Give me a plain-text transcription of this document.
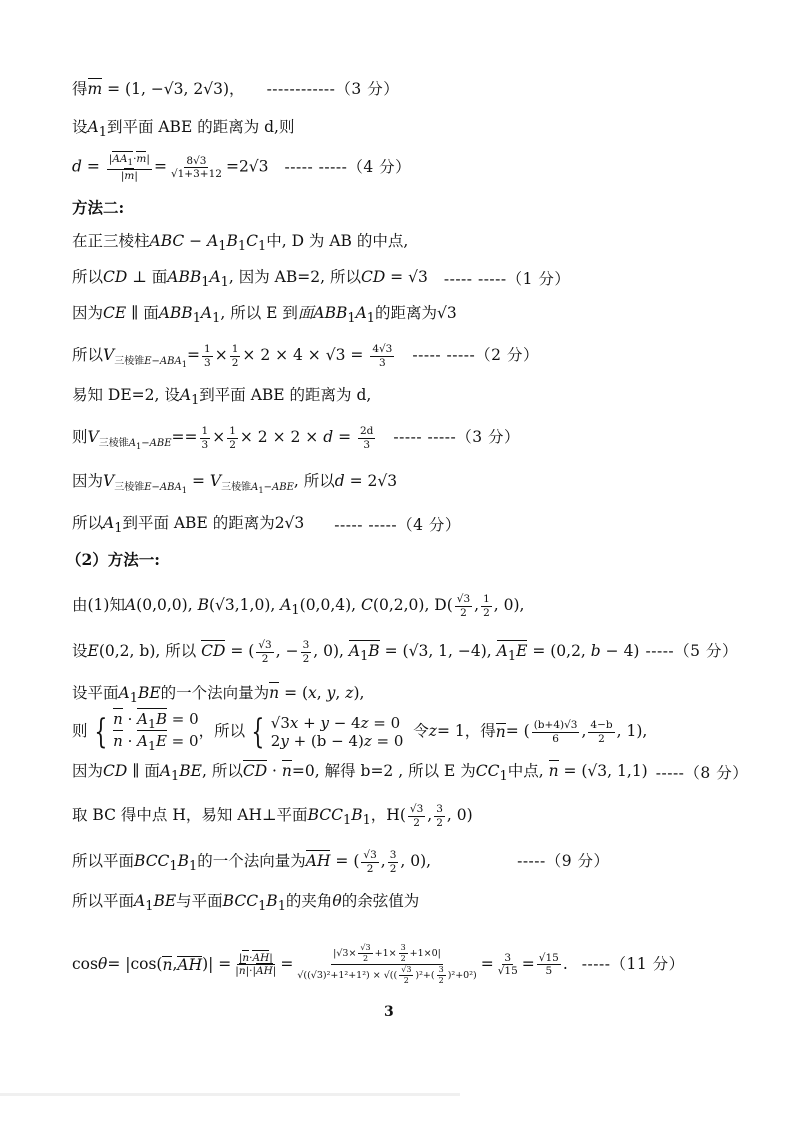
得m = (1, −√3, 2√3)， ------------（3 分）
设$A_1$到平面 ABE 的距离为 d,则
$d = \frac{|AA_1\cdot m|}{|m|} = \frac{8√3}{√1+3+12} =2√3$ ----- -----（4 分）
方法二:
在正三棱柱ABC − $A_1B_1C_1$中, D 为 AB 的中点,
所以CD ⊥ 面$ABB_1A_1$, 因为 AB=2, 所以CD = √3 ----- -----（1 分）
因为CE ∥ 面$ABB_1A_1$, 所以 E 到面$ABB_1A_1$的距离为√3
所以$V_{三棱锥E-ABA_1}= \frac{1}{3} \times \frac{1}{2} \times 2 \times 4 \times √3 = \frac{4√3}{3}$ ----- -----（2 分）
易知 DE=2, 设$A_1$到平面 ABE 的距离为 d,
则$V_{三棱锥A_1-ABE}== \frac{1}{3} \times \frac{1}{2} \times 2 \times 2 \times d = \frac{2d}{3}$ ----- -----（3 分）
因为$V_{三棱锥E-ABA_1} = V_{三棱锥A_1-ABE}$, 所以d = 2√3
所以$A_1$到平面 ABE 的距离为2√3 ----- -----（4 分）
（2）方法一:
由(1)知A(0,0,0), B(√3,1,0), $A_1(0,0,4)$, C(0,2,0), $D( \frac{√3}{2}$ , $\frac{1}{2}$ , 0),
设E(0,2, b), 所以 CD = ( $\frac{√3}{2}$ , − $\frac{3}{2}$ , 0), $A_1B = (√3$, 1, −4), $A_1E = (0,2$, b − 4) -----（5 分）
设平面$A_1BE$的一个法向量为n = (x, y, z),
则 { $n \cdot A_1B = 0$
$n \cdot A_1E = 0$
，所以 { √3x + y − 4z = 0
2y + (b − 4)z = 0
令 z = 1，得 n = ( $\frac{(b+4)√3}{6}$ , $\frac{4-b}{2}$ , 1),
因为CD ∥ 面$A_1BE$, 所以CD · n=0, 解得 b=2 , 所以 E 为$CC_1$中点, n = (√3, 1,1) -----（8 分）
取 BC 得中点 H，易知 AH⊥平面$BCC_1B_1$，$H( \frac{√3}{2}$ , $\frac{3}{2}$ , 0)
所以平面$BCC_1B_1$的一个法向量为AH = ( $\frac{√3}{2}$ , $\frac{3}{2}$ , 0),	-----（9 分）
所以平面$A_1BE$与平面$BCC_1B_1$的夹角θ的余弦值为
cos θ = |cos( n , AH )| = $\frac{|n\cdot AH|}{|n|\cdot|AH|} = \frac{|√3\times \frac{√3}{2} +1\times \frac{3}{2} +1\times 0|}{√((√3)^2+1^2+1^2) \times √(( \frac{√3}{2} )^2+( \frac{3}{2} )^2+0^2)} = \frac{3}{√15} = \frac{√15}{5}$ . -----（11 分）
3
